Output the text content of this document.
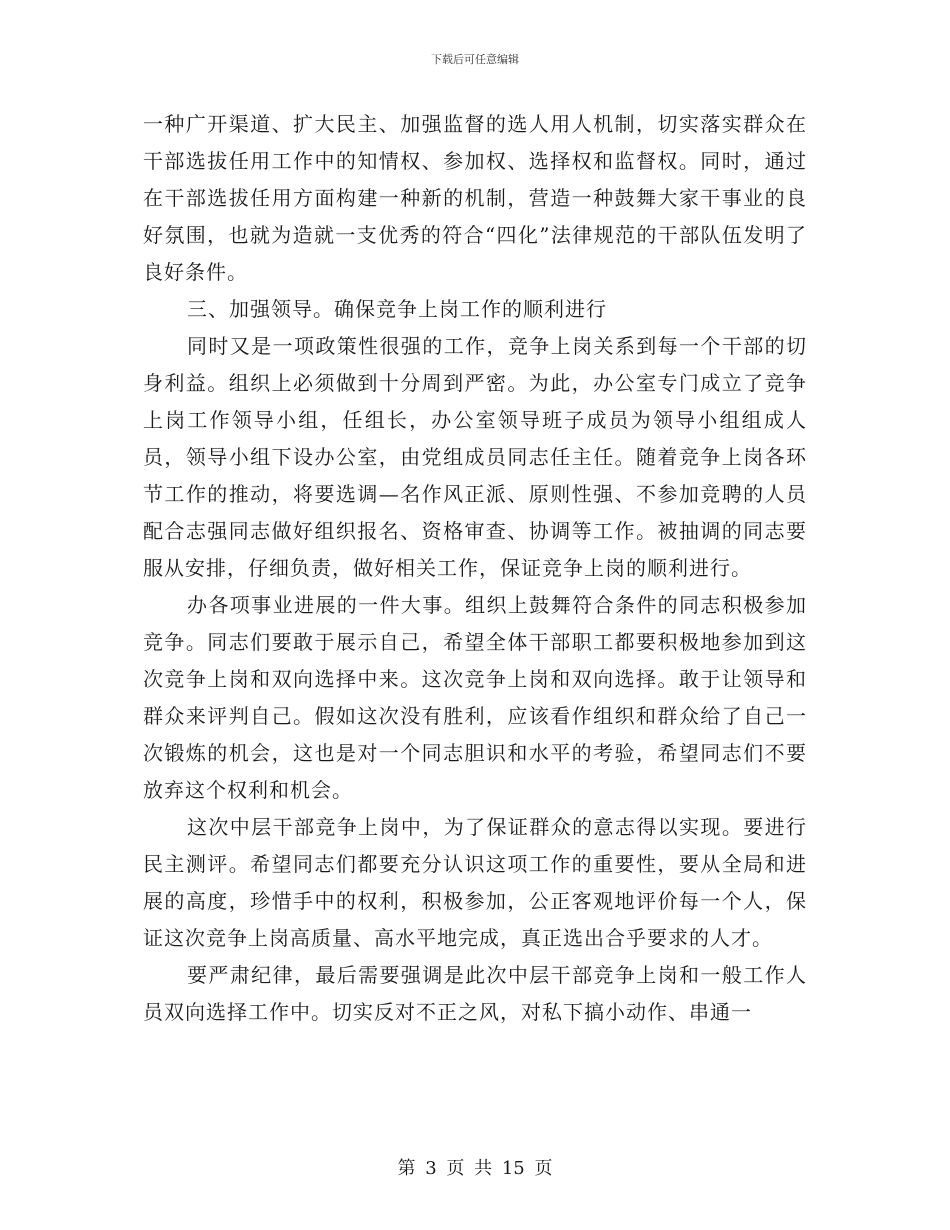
下载后可任意编辑

一种广开渠道、扩大民主、加强监督的选人用人机制，切实落实群众在干部选拔任用工作中的知情权、参加权、选择权和监督权。同时，通过在干部选拔任用方面构建一种新的机制，营造一种鼓舞大家干事业的良好氛围，也就为造就一支优秀的符合“四化”法律规范的干部队伍发明了良好条件。

三、加强领导。确保竞争上岗工作的顺利进行

同时又是一项政策性很强的工作，竞争上岗关系到每一个干部的切身利益。组织上必须做到十分周到严密。为此，办公室专门成立了竞争上岗工作领导小组，任组长，办公室领导班子成员为领导小组组成人员，领导小组下设办公室，由党组成员同志任主任。随着竞争上岗各环节工作的推动，将要选调—名作风正派、原则性强、不参加竞聘的人员配合志强同志做好组织报名、资格审查、协调等工作。被抽调的同志要服从安排，仔细负责，做好相关工作，保证竞争上岗的顺利进行。

办各项事业进展的一件大事。组织上鼓舞符合条件的同志积极参加竞争。同志们要敢于展示自己，希望全体干部职工都要积极地参加到这次竞争上岗和双向选择中来。这次竞争上岗和双向选择。敢于让领导和群众来评判自己。假如这次没有胜利，应该看作组织和群众给了自己一次锻炼的机会，这也是对一个同志胆识和水平的考验，希望同志们不要放弃这个权利和机会。

这次中层干部竞争上岗中，为了保证群众的意志得以实现。要进行民主测评。希望同志们都要充分认识这项工作的重要性，要从全局和进展的高度，珍惜手中的权利，积极参加，公正客观地评价每一个人，保证这次竞争上岗高质量、高水平地完成，真正选出合乎要求的人才。

要严肃纪律，最后需要强调是此次中层干部竞争上岗和一般工作人员双向选择工作中。切实反对不正之风，对私下搞小动作、串通一

第 3 页 共 15 页
